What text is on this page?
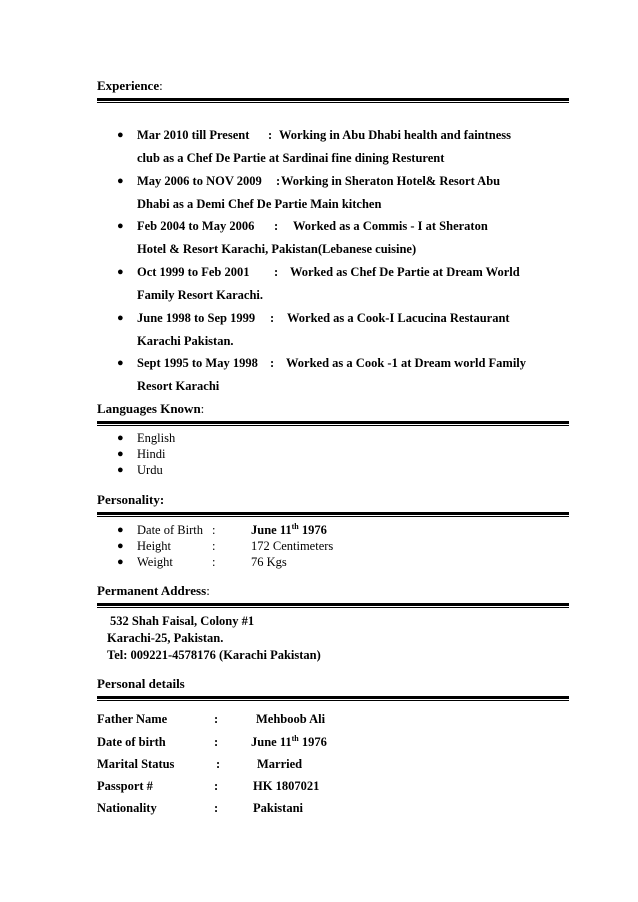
Experience:
● Mar 2010 till Present : Working in Abu Dhabi health and faintness
club as a Chef De Partie at Sardinai fine dining Resturent
● May 2006 to NOV 2009 : Working in Sheraton Hotel& Resort Abu
Dhabi as a Demi Chef De Partie Main kitchen
● Feb 2004 to May 2006 : Worked as a Commis - I at Sheraton
Hotel & Resort Karachi, Pakistan(Lebanese cuisine)
● Oct 1999 to Feb 2001 : Worked as Chef De Partie at Dream World
Family Resort Karachi.
● June 1998 to Sep 1999 : Worked as a Cook-I Lacucina Restaurant
Karachi Pakistan.
● Sept 1995 to May 1998 : Worked as a Cook -1 at Dream world Family
Resort Karachi
Languages Known:
● English
● Hindi
● Urdu
Personality:
● Date of Birth :	June 11th 1976
● Height	:	172 Centimeters
● Weight	:	76 Kgs
Permanent Address:
532 Shah Faisal, Colony #1
Karachi-25, Pakistan.
Tel: 009221-4578176 (Karachi Pakistan)
Personal details
Father Name	:	Mehboob Ali
Date of birth	:	June 11th 1976
Marital Status	:	Married
Passport #	:	HK 1807021
Nationality	:	Pakistani
